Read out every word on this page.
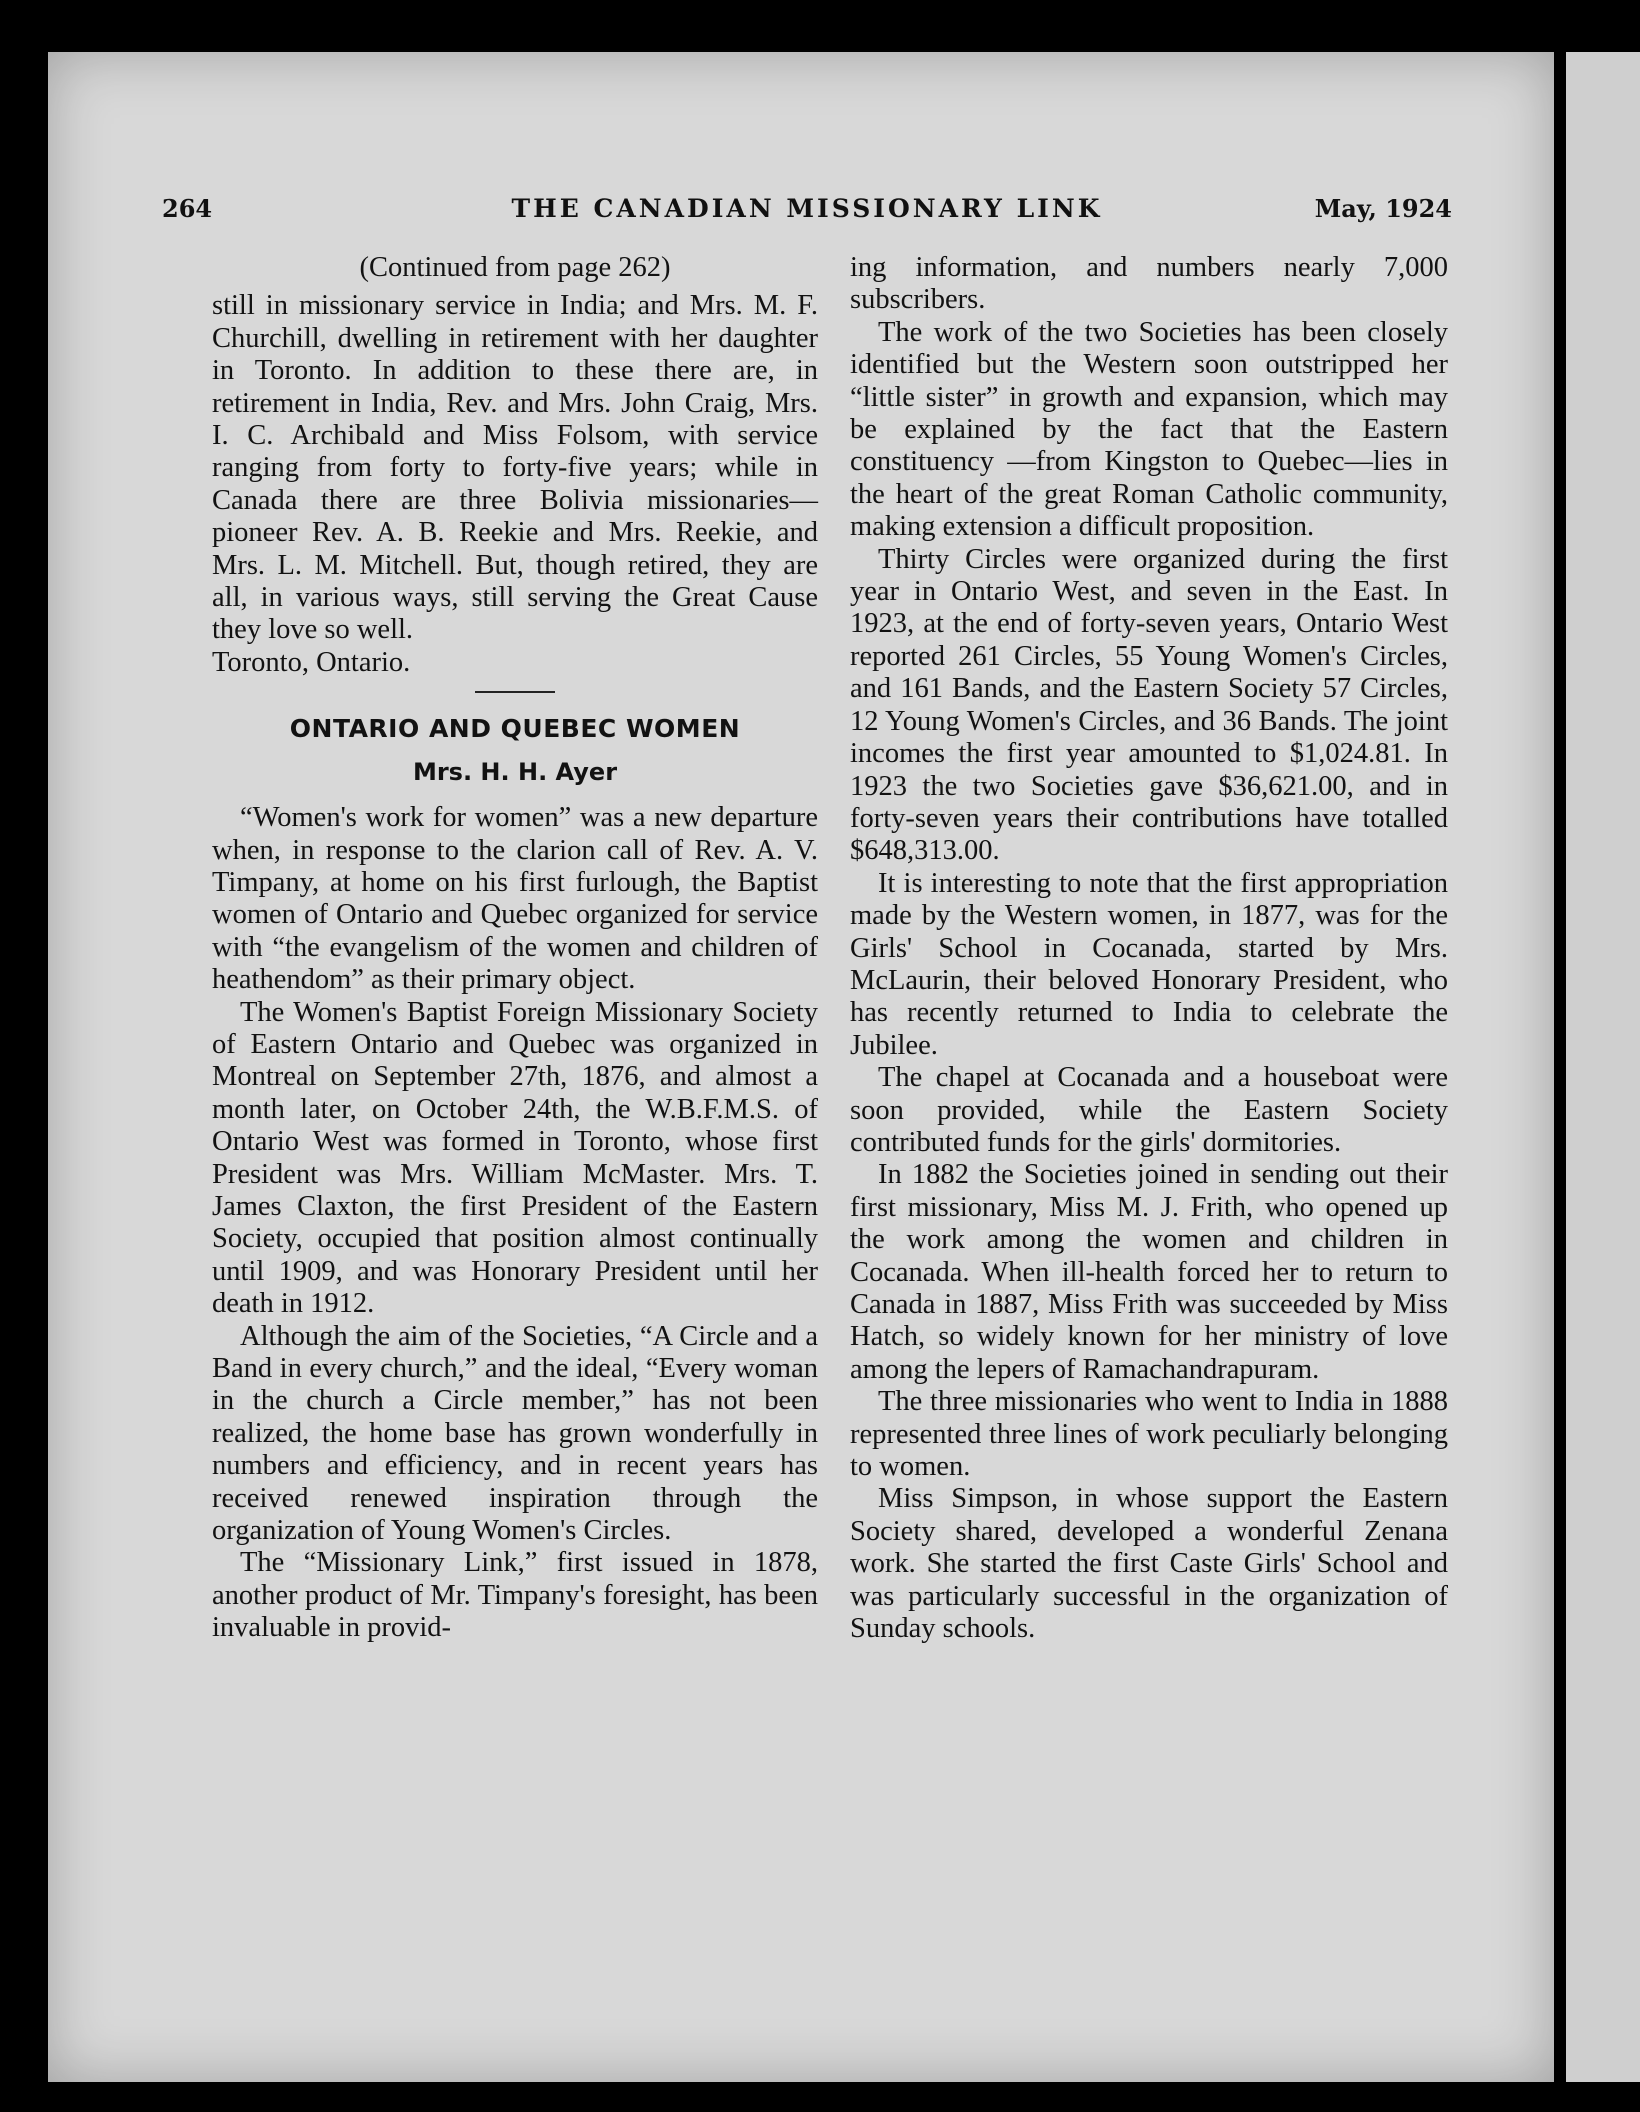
264	THE CANADIAN MISSIONARY LINK	May, 1924

(Continued from page 262)

still in missionary service in India; and Mrs. M. F. Churchill, dwelling in retirement with her daughter in Toronto. In addition to these there are, in retirement in India, Rev. and Mrs. John Craig, Mrs. I. C. Archibald and Miss Folsom, with service ranging from forty to forty-five years; while in Canada there are three Bolivia missionaries—pioneer Rev. A. B. Reekie and Mrs. Reekie, and Mrs. L. M. Mitchell. But, though retired, they are all, in various ways, still serving the Great Cause they love so well.

Toronto, Ontario.

ONTARIO AND QUEBEC WOMEN

Mrs. H. H. Ayer

“Women's work for women” was a new departure when, in response to the clarion call of Rev. A. V. Timpany, at home on his first furlough, the Baptist women of Ontario and Quebec organized for service with “the evangelism of the women and children of heathendom” as their primary object.

The Women's Baptist Foreign Missionary Society of Eastern Ontario and Quebec was organized in Montreal on September 27th, 1876, and almost a month later, on October 24th, the W.B.F.M.S. of Ontario West was formed in Toronto, whose first President was Mrs. William McMaster. Mrs. T. James Claxton, the first President of the Eastern Society, occupied that position almost continually until 1909, and was Honorary President until her death in 1912.

Although the aim of the Societies, “A Circle and a Band in every church,” and the ideal, “Every woman in the church a Circle member,” has not been realized, the home base has grown wonderfully in numbers and efficiency, and in recent years has received renewed inspiration through the organization of Young Women's Circles.

The “Missionary Link,” first issued in 1878, another product of Mr. Timpany's foresight, has been invaluable in provid-

ing information, and numbers nearly 7,000 subscribers.

The work of the two Societies has been closely identified but the Western soon outstripped her “little sister” in growth and expansion, which may be explained by the fact that the Eastern constituency —from Kingston to Quebec—lies in the heart of the great Roman Catholic community, making extension a difficult proposition.

Thirty Circles were organized during the first year in Ontario West, and seven in the East. In 1923, at the end of forty-seven years, Ontario West reported 261 Circles, 55 Young Women's Circles, and 161 Bands, and the Eastern Society 57 Circles, 12 Young Women's Circles, and 36 Bands. The joint incomes the first year amounted to $1,024.81. In 1923 the two Societies gave $36,621.00, and in forty-seven years their contributions have totalled $648,313.00.

It is interesting to note that the first appropriation made by the Western women, in 1877, was for the Girls' School in Cocanada, started by Mrs. McLaurin, their beloved Honorary President, who has recently returned to India to celebrate the Jubilee.

The chapel at Cocanada and a houseboat were soon provided, while the Eastern Society contributed funds for the girls' dormitories.

In 1882 the Societies joined in sending out their first missionary, Miss M. J. Frith, who opened up the work among the women and children in Cocanada. When ill-health forced her to return to Canada in 1887, Miss Frith was succeeded by Miss Hatch, so widely known for her ministry of love among the lepers of Ramachandrapuram.

The three missionaries who went to India in 1888 represented three lines of work peculiarly belonging to women.

Miss Simpson, in whose support the Eastern Society shared, developed a wonderful Zenana work. She started the first Caste Girls' School and was particularly successful in the organization of Sunday schools.
